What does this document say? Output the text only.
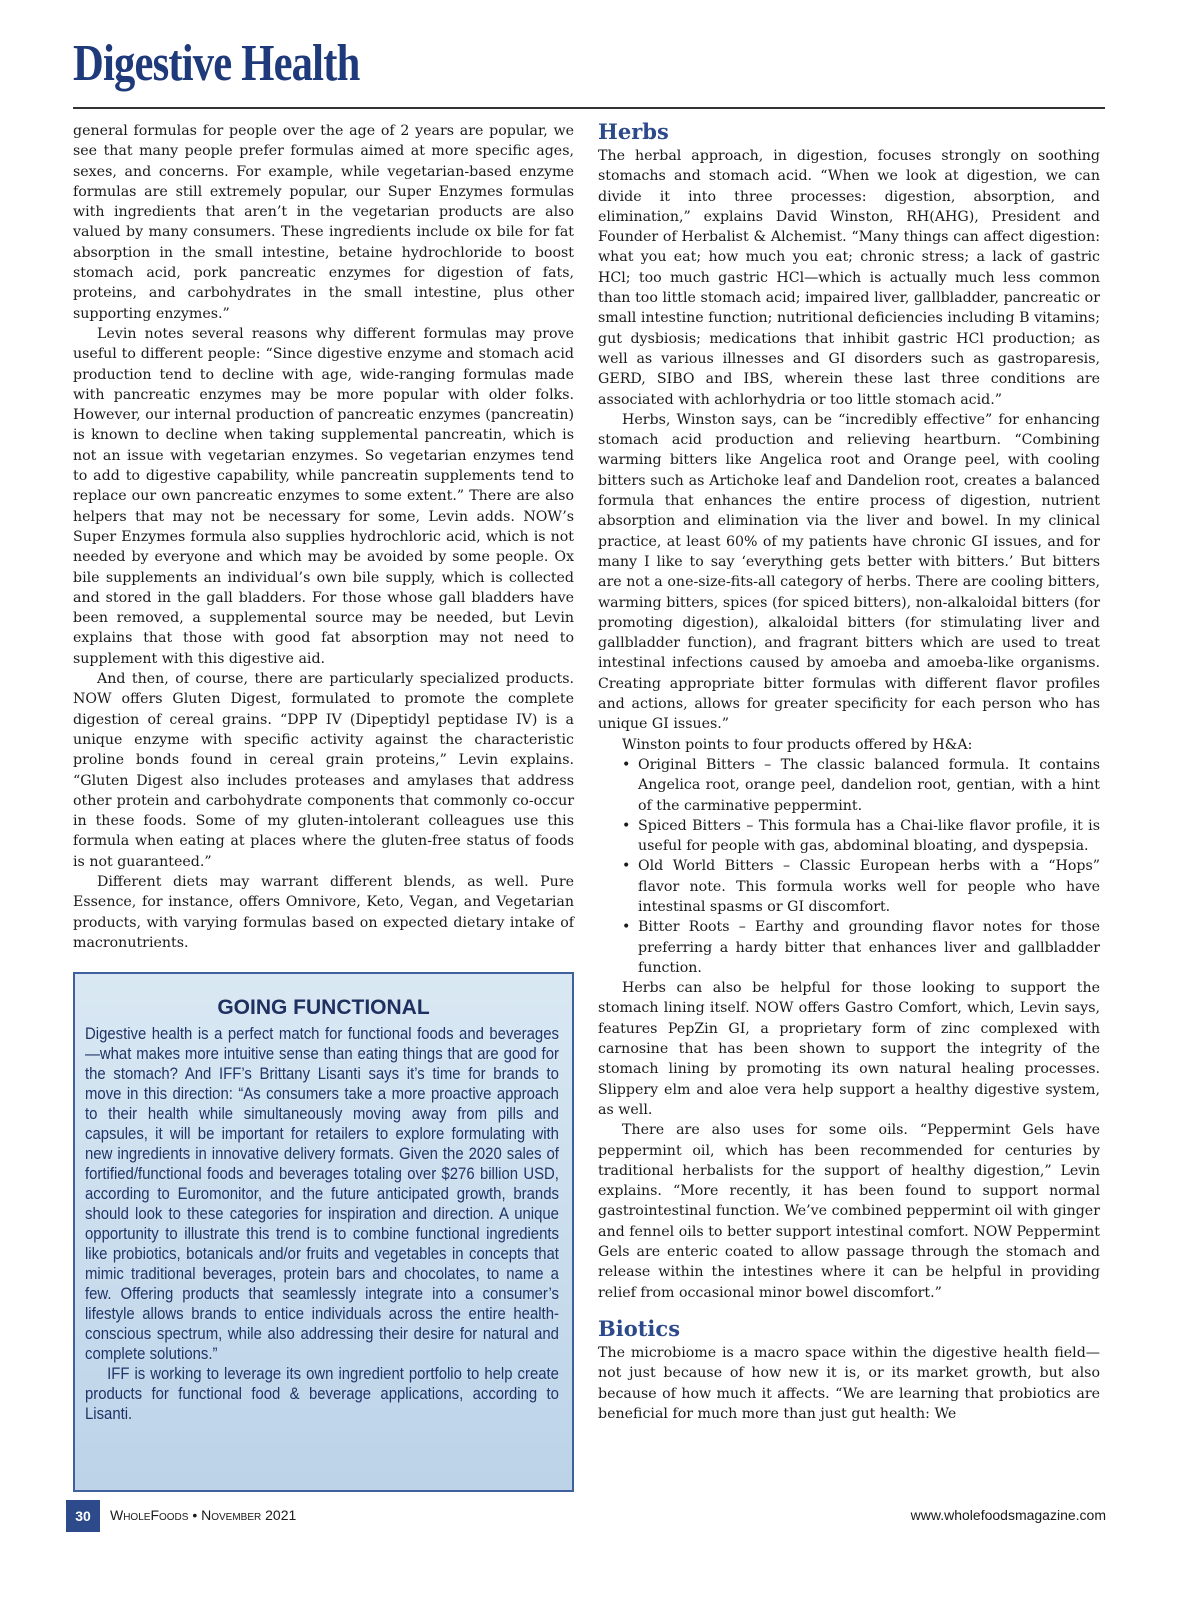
Digestive Health

general formulas for people over the age of 2 years are popular, we see that many people prefer formulas aimed at more specific ages, sexes, and concerns. For example, while vegetarian-based enzyme formulas are still extremely popular, our Super Enzymes formulas with ingredients that aren’t in the vegetarian products are also valued by many consumers. These ingredients include ox bile for fat absorption in the small intestine, betaine hydrochloride to boost stomach acid, pork pancreatic enzymes for digestion of fats, proteins, and carbohydrates in the small intestine, plus other supporting enzymes.”

Levin notes several reasons why different formulas may prove useful to different people: “Since digestive enzyme and stomach acid production tend to decline with age, wide-ranging formulas made with pancreatic enzymes may be more popular with older folks. However, our internal production of pancreatic enzymes (pancreatin) is known to decline when taking supplemental pancreatin, which is not an issue with vegetarian enzymes. So vegetarian enzymes tend to add to digestive capability, while pancreatin supplements tend to replace our own pancreatic enzymes to some extent.” There are also helpers that may not be necessary for some, Levin adds. NOW’s Super Enzymes formula also supplies hydrochloric acid, which is not needed by everyone and which may be avoided by some people. Ox bile supplements an individual’s own bile supply, which is collected and stored in the gall bladders. For those whose gall bladders have been removed, a supplemental source may be needed, but Levin explains that those with good fat absorption may not need to supplement with this digestive aid.

And then, of course, there are particularly specialized products. NOW offers Gluten Digest, formulated to promote the complete digestion of cereal grains. “DPP IV (Dipeptidyl peptidase IV) is a unique enzyme with specific activity against the characteristic proline bonds found in cereal grain proteins,” Levin explains. “Gluten Digest also includes proteases and amylases that address other protein and carbohydrate components that commonly co-occur in these foods. Some of my gluten-intolerant colleagues use this formula when eating at places where the gluten-free status of foods is not guaranteed.”

Different diets may warrant different blends, as well. Pure Essence, for instance, offers Omnivore, Keto, Vegan, and Vegetarian products, with varying formulas based on expected dietary intake of macronutrients.

GOING FUNCTIONAL

Digestive health is a perfect match for functional foods and beverages—what makes more intuitive sense than eating things that are good for the stomach? And IFF’s Brittany Lisanti says it’s time for brands to move in this direction: “As consumers take a more proactive approach to their health while simultaneously moving away from pills and capsules, it will be important for retailers to explore formulating with new ingredients in innovative delivery formats. Given the 2020 sales of fortified/functional foods and beverages totaling over $276 billion USD, according to Euromonitor, and the future anticipated growth, brands should look to these categories for inspiration and direction. A unique opportunity to illustrate this trend is to combine functional ingredients like probiotics, botanicals and/or fruits and vegetables in concepts that mimic traditional beverages, protein bars and chocolates, to name a few. Offering products that seamlessly integrate into a consumer’s lifestyle allows brands to entice individuals across the entire health-conscious spectrum, while also addressing their desire for natural and complete solutions.”

IFF is working to leverage its own ingredient portfolio to help create products for functional food & beverage applications, according to Lisanti.

Herbs

The herbal approach, in digestion, focuses strongly on soothing stomachs and stomach acid. “When we look at digestion, we can divide it into three processes: digestion, absorption, and elimination,” explains David Winston, RH(AHG), President and Founder of Herbalist & Alchemist. “Many things can affect digestion: what you eat; how much you eat; chronic stress; a lack of gastric HCl; too much gastric HCl—which is actually much less common than too little stomach acid; impaired liver, gallbladder, pancreatic or small intestine function; nutritional deficiencies including B vitamins; gut dysbiosis; medications that inhibit gastric HCl production; as well as various illnesses and GI disorders such as gastroparesis, GERD, SIBO and IBS, wherein these last three conditions are associated with achlorhydria or too little stomach acid.”

Herbs, Winston says, can be “incredibly effective” for enhancing stomach acid production and relieving heartburn. “Combining warming bitters like Angelica root and Orange peel, with cooling bitters such as Artichoke leaf and Dandelion root, creates a balanced formula that enhances the entire process of digestion, nutrient absorption and elimination via the liver and bowel. In my clinical practice, at least 60% of my patients have chronic GI issues, and for many I like to say ‘everything gets better with bitters.’ But bitters are not a one-size-fits-all category of herbs. There are cooling bitters, warming bitters, spices (for spiced bitters), non-alkaloidal bitters (for promoting digestion), alkaloidal bitters (for stimulating liver and gallbladder function), and fragrant bitters which are used to treat intestinal infections caused by amoeba and amoeba-like organisms. Creating appropriate bitter formulas with different flavor profiles and actions, allows for greater specificity for each person who has unique GI issues.”

Winston points to four products offered by H&A:

• Original Bitters – The classic balanced formula. It contains Angelica root, orange peel, dandelion root, gentian, with a hint of the carminative peppermint.
• Spiced Bitters – This formula has a Chai-like flavor profile, it is useful for people with gas, abdominal bloating, and dyspepsia.
• Old World Bitters – Classic European herbs with a “Hops” flavor note. This formula works well for people who have intestinal spasms or GI discomfort.
• Bitter Roots – Earthy and grounding flavor notes for those preferring a hardy bitter that enhances liver and gallbladder function.

Herbs can also be helpful for those looking to support the stomach lining itself. NOW offers Gastro Comfort, which, Levin says, features PepZin GI, a proprietary form of zinc complexed with carnosine that has been shown to support the integrity of the stomach lining by promoting its own natural healing processes. Slippery elm and aloe vera help support a healthy digestive system, as well.

There are also uses for some oils. “Peppermint Gels have peppermint oil, which has been recommended for centuries by traditional herbalists for the support of healthy digestion,” Levin explains. “More recently, it has been found to support normal gastrointestinal function. We’ve combined peppermint oil with ginger and fennel oils to better support intestinal comfort. NOW Peppermint Gels are enteric coated to allow passage through the stomach and release within the intestines where it can be helpful in providing relief from occasional minor bowel discomfort.”

Biotics

The microbiome is a macro space within the digestive health field—not just because of how new it is, or its market growth, but also because of how much it affects. “We are learning that probiotics are beneficial for much more than just gut health: We

30	WholeFoods • November 2021	www.wholefoodsmagazine.com
